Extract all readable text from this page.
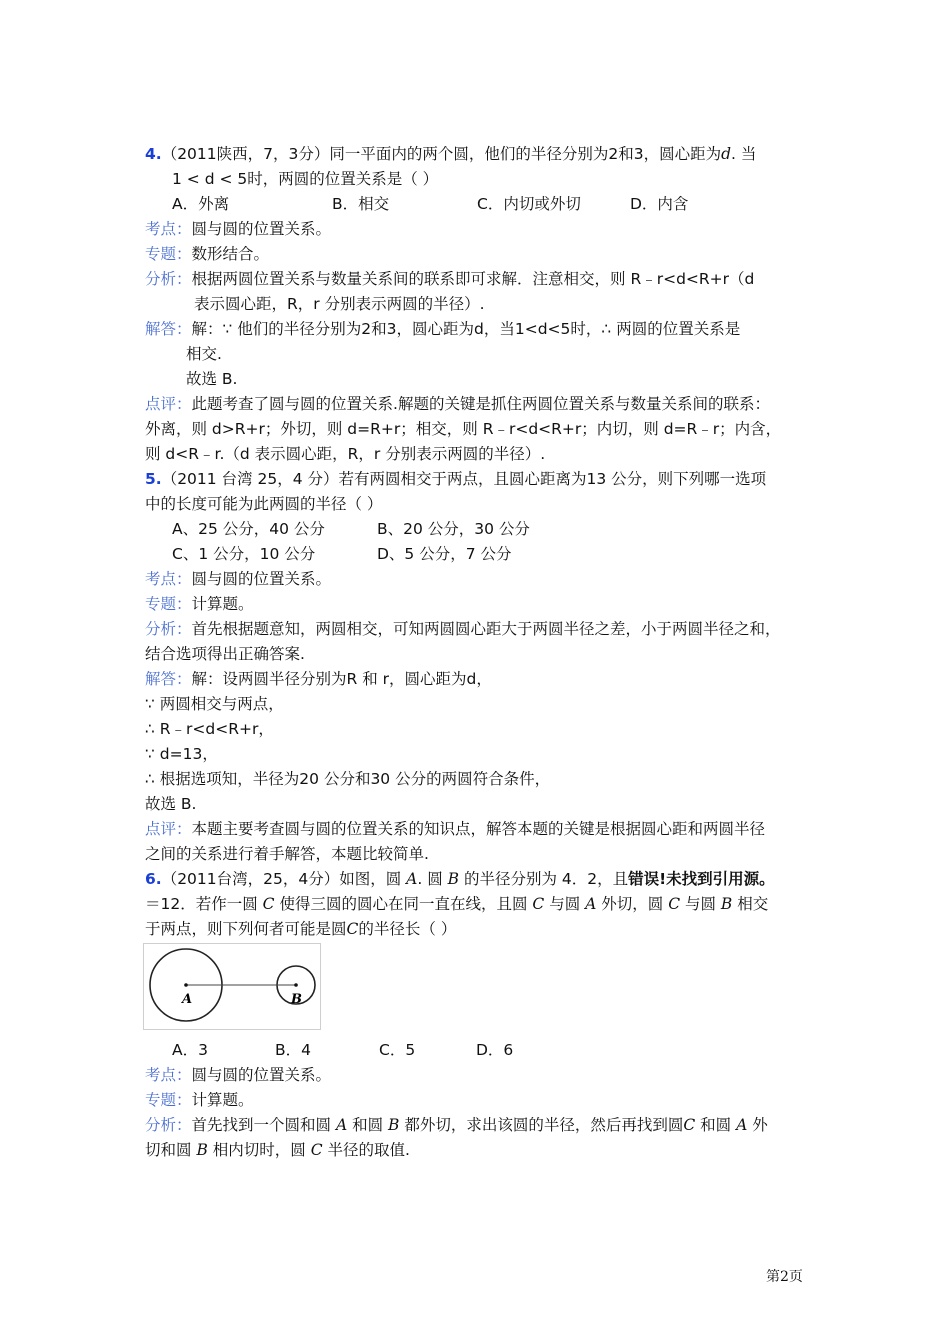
4.（2011陕西，7，3分）同一平面内的两个圆，他们的半径分别为2和3，圆心距为d. 当
1 < d < 5时，两圆的位置关系是（ ）
A．外离	B．相交	C．内切或外切	D．内含
考点：圆与圆的位置关系。
专题：数形结合。
分析：根据两圆位置关系与数量关系间的联系即可求解．注意相交，则 R﹣r<d<R+r（d
表示圆心距，R，r 分别表示两圆的半径）.
解答：解：∵ 他们的半径分别为2和3，圆心距为d，当1<d<5时，∴ 两圆的位置关系是
相交.
故选 B.
点评：此题考查了圆与圆的位置关系.解题的关键是抓住两圆位置关系与数量关系间的联系：
外离，则 d>R+r；外切，则 d=R+r；相交，则 R﹣r<d<R+r；内切，则 d=R﹣r；内含，
则 d<R﹣r.（d 表示圆心距，R，r 分别表示两圆的半径）.
5.（2011 台湾 25，4 分）若有两圆相交于两点，且圆心距离为13 公分，则下列哪一选项
中的长度可能为此两圆的半径（ ）
A、25 公分，40 公分	B、20 公分，30 公分
C、1 公分，10 公分	D、5 公分，7 公分
考点：圆与圆的位置关系。
专题：计算题。
分析：首先根据题意知，两圆相交，可知两圆圆心距大于两圆半径之差，小于两圆半径之和，
结合选项得出正确答案.
解答：解：设两圆半径分别为R 和 r，圆心距为d，
∵ 两圆相交与两点，
∴ R﹣r<d<R+r，
∵ d=13，
∴ 根据选项知，半径为20 公分和30 公分的两圆符合条件，
故选 B.
点评：本题主要考查圆与圆的位置关系的知识点，解答本题的关键是根据圆心距和两圆半径
之间的关系进行着手解答，本题比较简单.
6.（2011台湾，25，4分）如图，圆 A. 圆 B 的半径分别为 4．2，且错误!未找到引用源。
＝12．若作一圆 C 使得三圆的圆心在同一直在线，且圆 C 与圆 A 外切，圆 C 与圆 B 相交
于两点，则下列何者可能是圆C的半径长（ ）
A	B
A．3	B．4	C．5	D．6
考点：圆与圆的位置关系。
专题：计算题。
分析：首先找到一个圆和圆 A 和圆 B 都外切，求出该圆的半径，然后再找到圆C 和圆 A 外
切和圆 B 相内切时，圆 C 半径的取值.
第2页
